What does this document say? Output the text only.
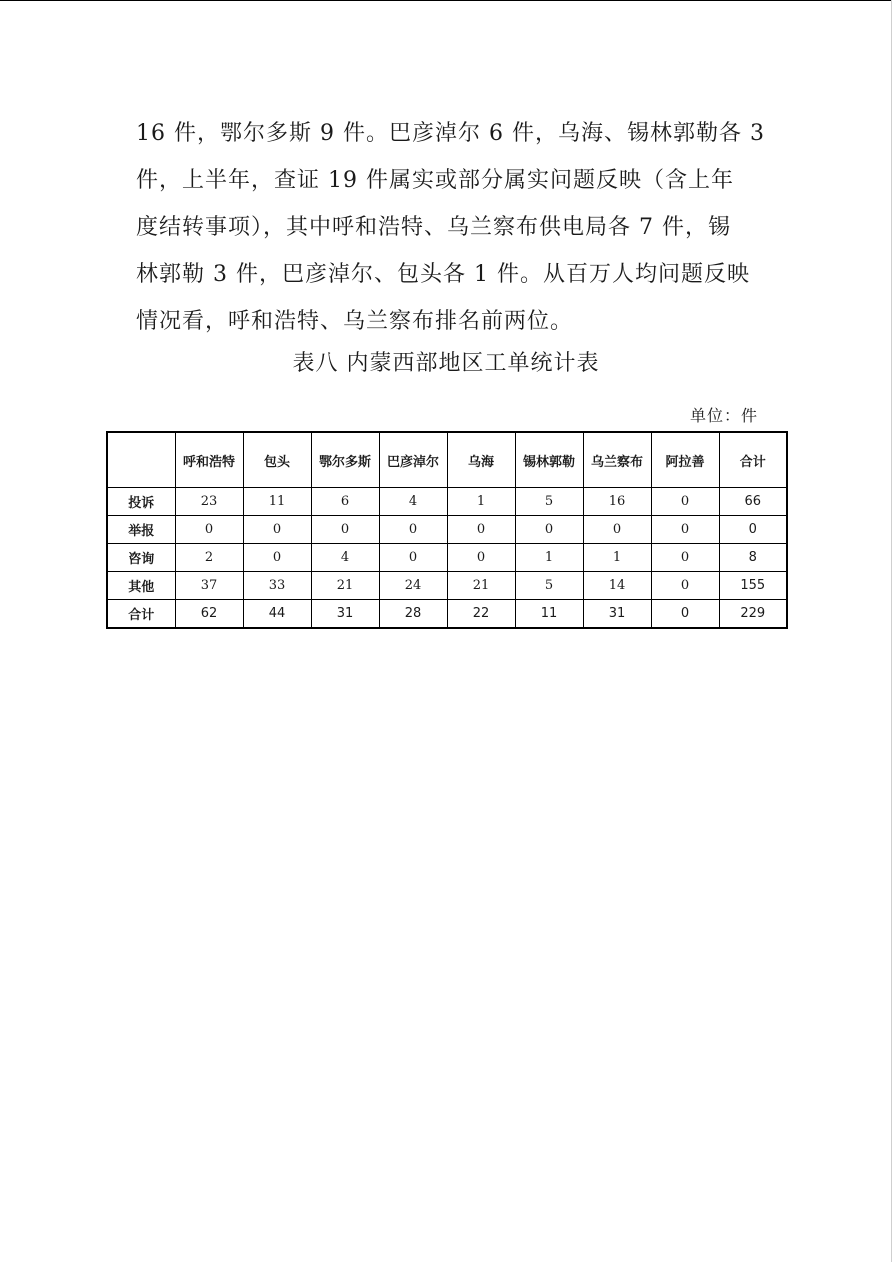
16 件，鄂尔多斯 9 件。巴彦淖尔 6 件，乌海、锡林郭勒各 3
件，上半年，查证 19 件属实或部分属实问题反映（含上年
度结转事项），其中呼和浩特、乌兰察布供电局各 7 件，锡
林郭勒 3 件，巴彦淖尔、包头各 1 件。从百万人均问题反映
情况看，呼和浩特、乌兰察布排名前两位。
表八 内蒙西部地区工单统计表
单位：件
	呼和浩特	包头	鄂尔多斯	巴彦淖尔	乌海	锡林郭勒	乌兰察布	阿拉善	合计
投诉	23	11	6	4	1	5	16	0	66
举报	0	0	0	0	0	0	0	0	0
咨询	2	0	4	0	0	1	1	0	8
其他	37	33	21	24	21	5	14	0	155
合计	62	44	31	28	22	11	31	0	229
